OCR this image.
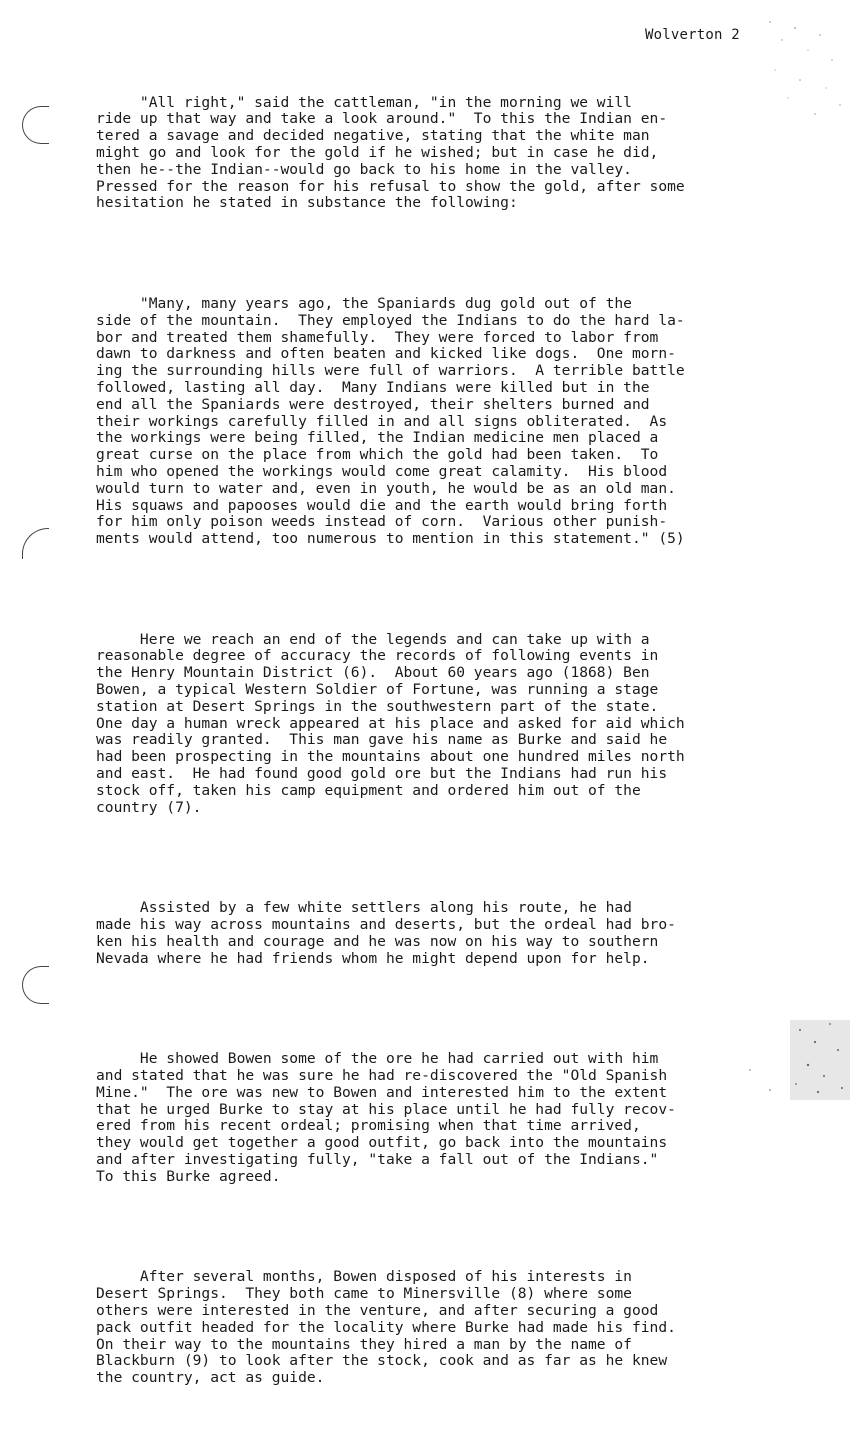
Wolverton 2

"All right," said the cattleman, "in the morning we will
ride up that way and take a look around."  To this the Indian en-
tered a savage and decided negative, stating that the white man
might go and look for the gold if he wished; but in case he did,
then he--the Indian--would go back to his home in the valley.
Pressed for the reason for his refusal to show the gold, after some
hesitation he stated in substance the following:

"Many, many years ago, the Spaniards dug gold out of the
side of the mountain.  They employed the Indians to do the hard la-
bor and treated them shamefully.  They were forced to labor from
dawn to darkness and often beaten and kicked like dogs.  One morn-
ing the surrounding hills were full of warriors.  A terrible battle
followed, lasting all day.  Many Indians were killed but in the
end all the Spaniards were destroyed, their shelters burned and
their workings carefully filled in and all signs obliterated.  As
the workings were being filled, the Indian medicine men placed a
great curse on the place from which the gold had been taken.  To
him who opened the workings would come great calamity.  His blood
would turn to water and, even in youth, he would be as an old man.
His squaws and papooses would die and the earth would bring forth
for him only poison weeds instead of corn.  Various other punish-
ments would attend, too numerous to mention in this statement." (5)

Here we reach an end of the legends and can take up with a
reasonable degree of accuracy the records of following events in
the Henry Mountain District (6).  About 60 years ago (1868) Ben
Bowen, a typical Western Soldier of Fortune, was running a stage
station at Desert Springs in the southwestern part of the state.
One day a human wreck appeared at his place and asked for aid which
was readily granted.  This man gave his name as Burke and said he
had been prospecting in the mountains about one hundred miles north
and east.  He had found good gold ore but the Indians had run his
stock off, taken his camp equipment and ordered him out of the
country (7).

Assisted by a few white settlers along his route, he had
made his way across mountains and deserts, but the ordeal had bro-
ken his health and courage and he was now on his way to southern
Nevada where he had friends whom he might depend upon for help.

He showed Bowen some of the ore he had carried out with him
and stated that he was sure he had re-discovered the "Old Spanish
Mine."  The ore was new to Bowen and interested him to the extent
that he urged Burke to stay at his place until he had fully recov-
ered from his recent ordeal; promising when that time arrived,
they would get together a good outfit, go back into the mountains
and after investigating fully, "take a fall out of the Indians."
To this Burke agreed.

After several months, Bowen disposed of his interests in
Desert Springs.  They both came to Minersville (8) where some
others were interested in the venture, and after securing a good
pack outfit headed for the locality where Burke had made his find.
On their way to the mountains they hired a man by the name of
Blackburn (9) to look after the stock, cook and as far as he knew
the country, act as guide.
